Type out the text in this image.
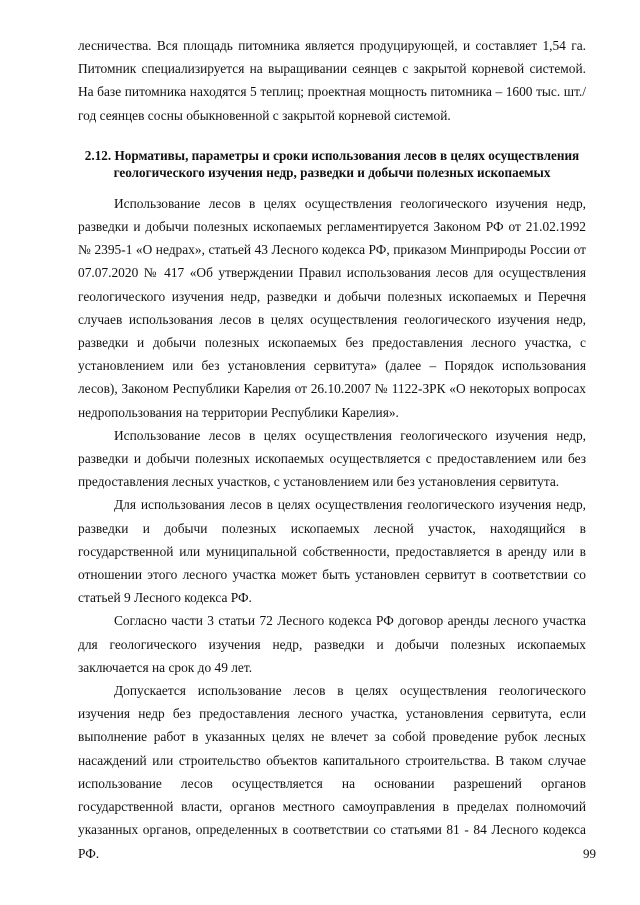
лесничества. Вся площадь питомника является продуцирующей, и составляет 1,54 га. Питомник специализируется на выращивании сеянцев с закрытой корневой системой. На базе питомника находятся 5 теплиц; проектная мощность питомника – 1600 тыс. шт./год сеянцев сосны обыкновенной с закрытой корневой системой.

2.12. Нормативы, параметры и сроки использования лесов в целях осуществления
геологического изучения недр, разведки и добычи полезных ископаемых

Использование лесов в целях осуществления геологического изучения недр, разведки и добычи полезных ископаемых регламентируется Законом РФ от 21.02.1992 № 2395-1 «О недрах», статьей 43 Лесного кодекса РФ, приказом Минприроды России от 07.07.2020 № 417 «Об утверждении Правил использования лесов для осуществления геологического изучения недр, разведки и добычи полезных ископаемых и Перечня случаев использования лесов в целях осуществления геологического изучения недр, разведки и добычи полезных ископаемых без предоставления лесного участка, с установлением или без установления сервитута» (далее – Порядок использования лесов), Законом Республики Карелия от 26.10.2007 № 1122-ЗРК «О некоторых вопросах недропользования на территории Республики Карелия».

Использование лесов в целях осуществления геологического изучения недр, разведки и добычи полезных ископаемых осуществляется с предоставлением или без предоставления лесных участков, с установлением или без установления сервитута.

Для использования лесов в целях осуществления геологического изучения недр, разведки и добычи полезных ископаемых лесной участок, находящийся в государственной или муниципальной собственности, предоставляется в аренду или в отношении этого лесного участка может быть установлен сервитут в соответствии со статьей 9 Лесного кодекса РФ.

Согласно части 3 статьи 72 Лесного кодекса РФ договор аренды лесного участка для геологического изучения недр, разведки и добычи полезных ископаемых заключается на срок до 49 лет.

Допускается использование лесов в целях осуществления геологического изучения недр без предоставления лесного участка, установления сервитута, если выполнение работ в указанных целях не влечет за собой проведение рубок лесных насаждений или строительство объектов капитального строительства. В таком случае использование лесов осуществляется на основании разрешений органов государственной власти, органов местного самоуправления в пределах полномочий указанных органов, определенных в соответствии со статьями 81 - 84 Лесного кодекса РФ.	99
